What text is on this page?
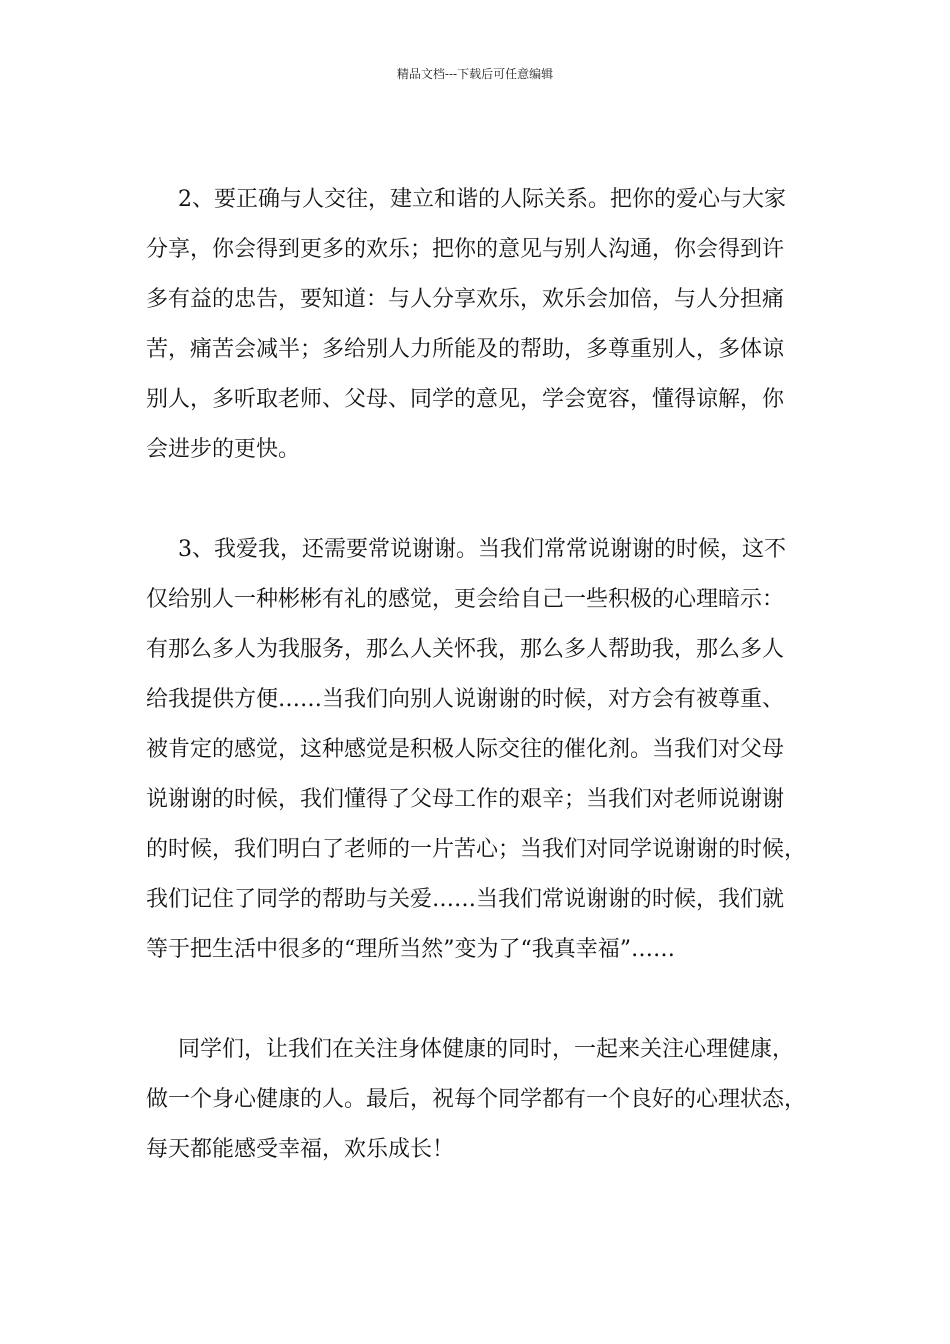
精品文档---下载后可任意编辑
2、要正确与人交往，建立和谐的人际关系。把你的爱心与大家
分享，你会得到更多的欢乐；把你的意见与别人沟通，你会得到许
多有益的忠告，要知道：与人分享欢乐，欢乐会加倍，与人分担痛
苦，痛苦会减半；多给别人力所能及的帮助，多尊重别人，多体谅
别人，多听取老师、父母、同学的意见，学会宽容，懂得谅解，你
会进步的更快。
3、我爱我，还需要常说谢谢。当我们常常说谢谢的时候，这不
仅给别人一种彬彬有礼的感觉，更会给自己一些积极的心理暗示：
有那么多人为我服务，那么人关怀我，那么多人帮助我，那么多人
给我提供方便……当我们向别人说谢谢的时候，对方会有被尊重、
被肯定的感觉，这种感觉是积极人际交往的催化剂。当我们对父母
说谢谢的时候，我们懂得了父母工作的艰辛；当我们对老师说谢谢
的时候，我们明白了老师的一片苦心；当我们对同学说谢谢的时候，
我们记住了同学的帮助与关爱……当我们常说谢谢的时候，我们就
等于把生活中很多的“理所当然”变为了“我真幸福”……
同学们，让我们在关注身体健康的同时，一起来关注心理健康，
做一个身心健康的人。最后，祝每个同学都有一个良好的心理状态，
每天都能感受幸福，欢乐成长！
